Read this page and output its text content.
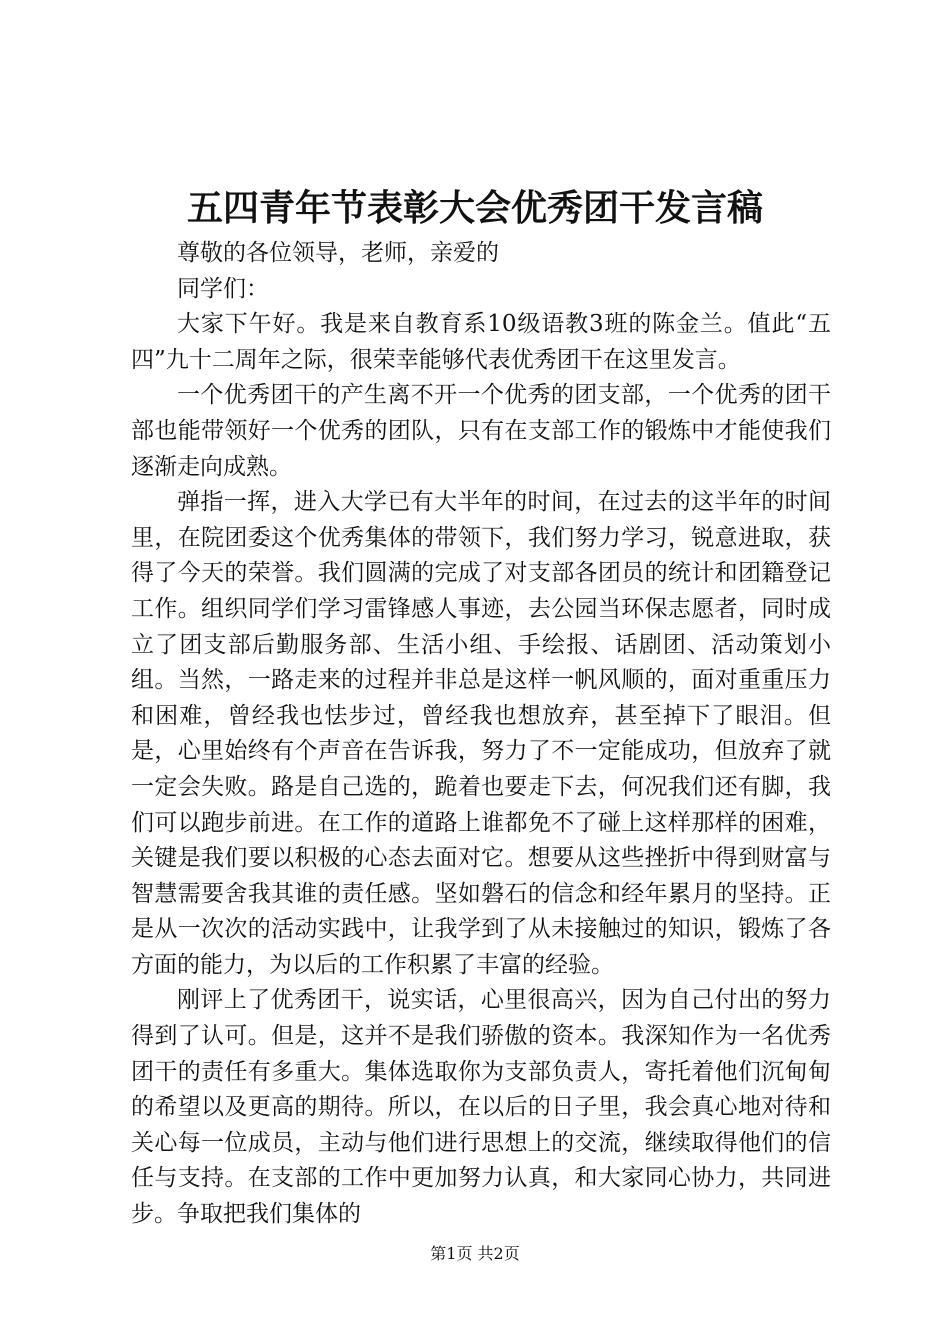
五四青年节表彰大会优秀团干发言稿

尊敬的各位领导，老师，亲爱的

同学们：

大家下午好。我是来自教育系10级语教3班的陈金兰。值此“五四”九十二周年之际，很荣幸能够代表优秀团干在这里发言。

一个优秀团干的产生离不开一个优秀的团支部，一个优秀的团干部也能带领好一个优秀的团队，只有在支部工作的锻炼中才能使我们逐渐走向成熟。

弹指一挥，进入大学已有大半年的时间，在过去的这半年的时间里，在院团委这个优秀集体的带领下，我们努力学习，锐意进取，获得了今天的荣誉。我们圆满的完成了对支部各团员的统计和团籍登记工作。组织同学们学习雷锋感人事迹，去公园当环保志愿者，同时成立了团支部后勤服务部、生活小组、手绘报、话剧团、活动策划小组。当然，一路走来的过程并非总是这样一帆风顺的，面对重重压力和困难，曾经我也怯步过，曾经我也想放弃，甚至掉下了眼泪。但是，心里始终有个声音在告诉我，努力了不一定能成功，但放弃了就一定会失败。路是自己选的，跪着也要走下去，何况我们还有脚，我们可以跑步前进。在工作的道路上谁都免不了碰上这样那样的困难，关键是我们要以积极的心态去面对它。想要从这些挫折中得到财富与智慧需要舍我其谁的责任感。坚如磐石的信念和经年累月的坚持。正是从一次次的活动实践中，让我学到了从未接触过的知识，锻炼了各方面的能力，为以后的工作积累了丰富的经验。

刚评上了优秀团干，说实话，心里很高兴，因为自己付出的努力得到了认可。但是，这并不是我们骄傲的资本。我深知作为一名优秀团干的责任有多重大。集体选取你为支部负责人，寄托着他们沉甸甸的希望以及更高的期待。所以，在以后的日子里，我会真心地对待和关心每一位成员，主动与他们进行思想上的交流，继续取得他们的信任与支持。在支部的工作中更加努力认真，和大家同心协力，共同进步。争取把我们集体的

第1页 共2页
